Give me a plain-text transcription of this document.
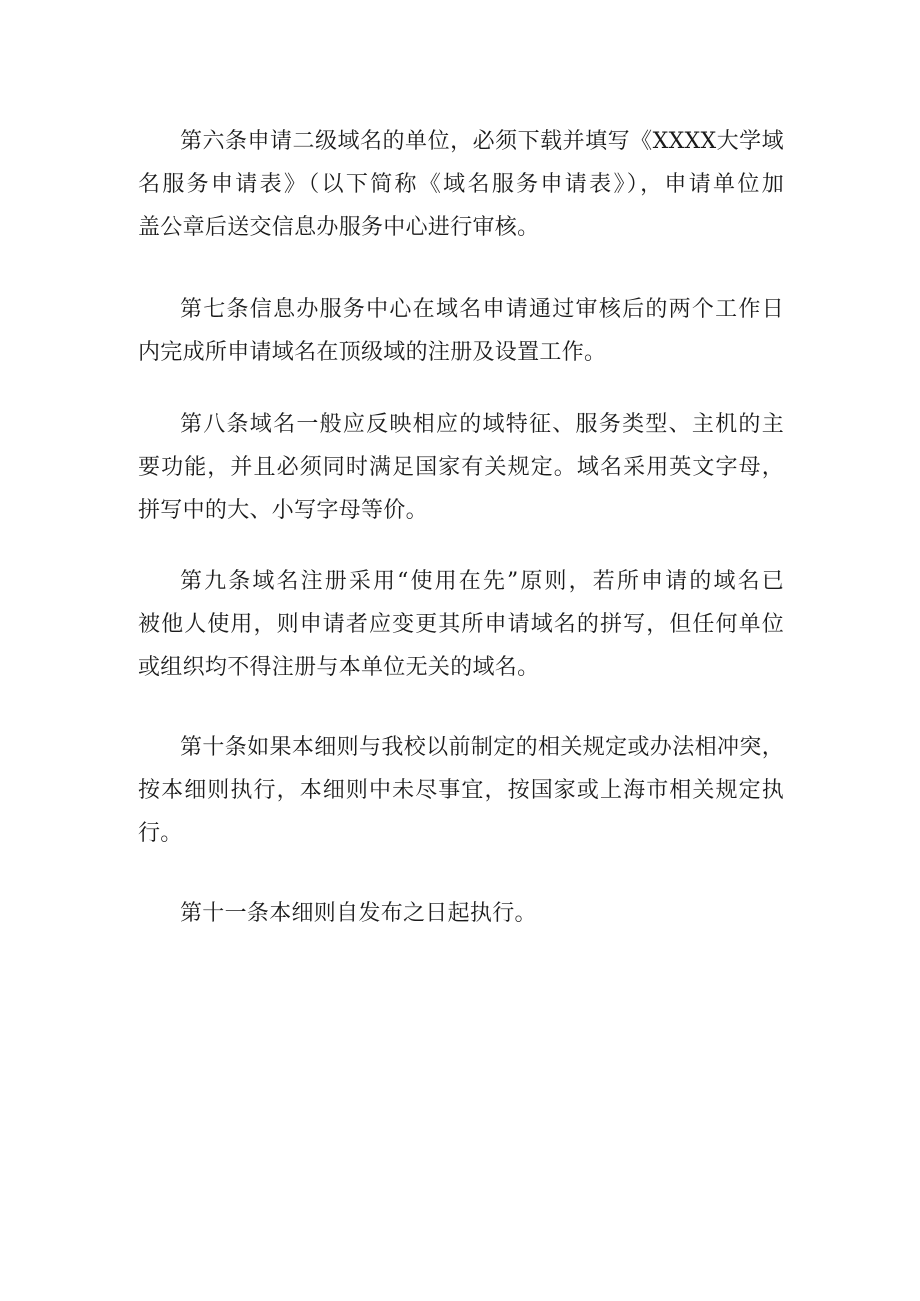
第六条申请二级域名的单位，必须下载并填写《XXXX大学域
名服务申请表》（以下简称《域名服务申请表》），申请单位加
盖公章后送交信息办服务中心进行审核。
第七条信息办服务中心在域名申请通过审核后的两个工作日
内完成所申请域名在顶级域的注册及设置工作。
第八条域名一般应反映相应的域特征、服务类型、主机的主
要功能，并且必须同时满足国家有关规定。域名采用英文字母，
拼写中的大、小写字母等价。
第九条域名注册采用“使用在先”原则，若所申请的域名已
被他人使用，则申请者应变更其所申请域名的拼写，但任何单位
或组织均不得注册与本单位无关的域名。
第十条如果本细则与我校以前制定的相关规定或办法相冲突，
按本细则执行，本细则中未尽事宜，按国家或上海市相关规定执
行。
第十一条本细则自发布之日起执行。
